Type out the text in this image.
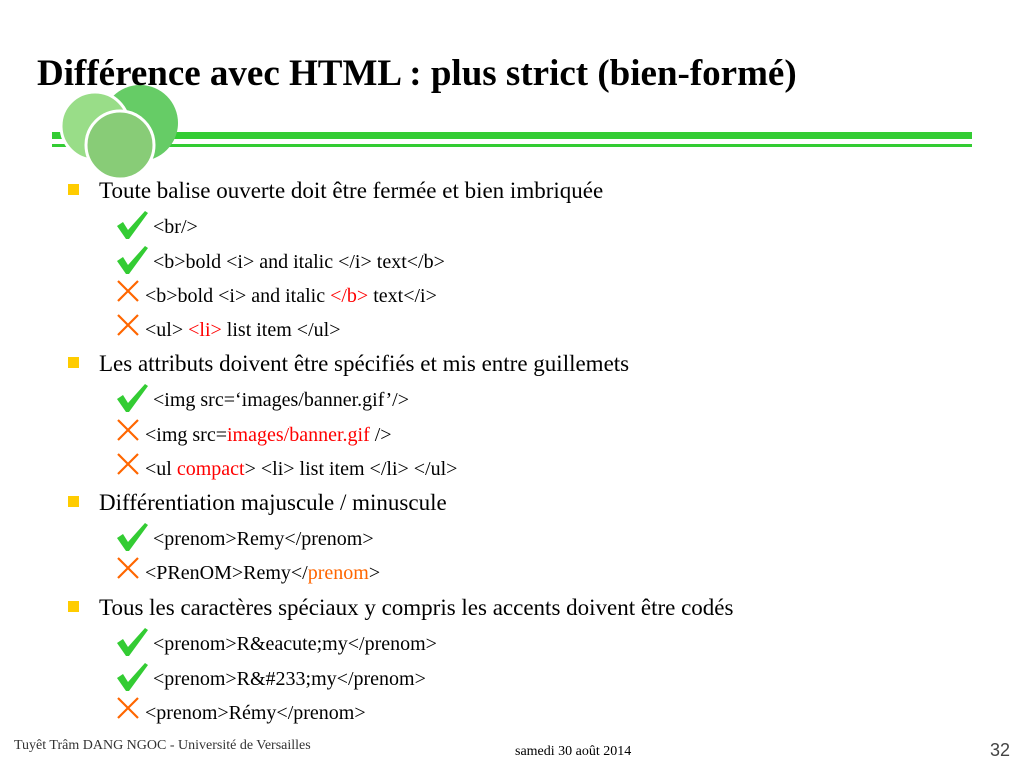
Différence avec HTML : plus strict (bien-formé)
Toute balise ouverte doit être fermée et bien imbriquée
<br/>
<b>bold <i> and italic </i> text</b>
<b>bold <i> and italic </b> text</i>
<ul> <li> list item </ul>
Les attributs doivent être spécifiés et mis entre guillemets
<img src=‘images/banner.gif’/>
<img src=images/banner.gif />
<ul compact> <li> list item </li> </ul>
Différentiation majuscule / minuscule
<prenom>Remy</prenom>
<PRenOM>Remy</prenom>
Tous les caractères spéciaux y compris les accents doivent être codés
<prenom>R&eacute;my</prenom>
<prenom>R&#233;my</prenom>
<prenom>Rémy</prenom>
Tuyêt Trâm DANG NGOC - Université de Versailles	samedi 30 août 2014	32
